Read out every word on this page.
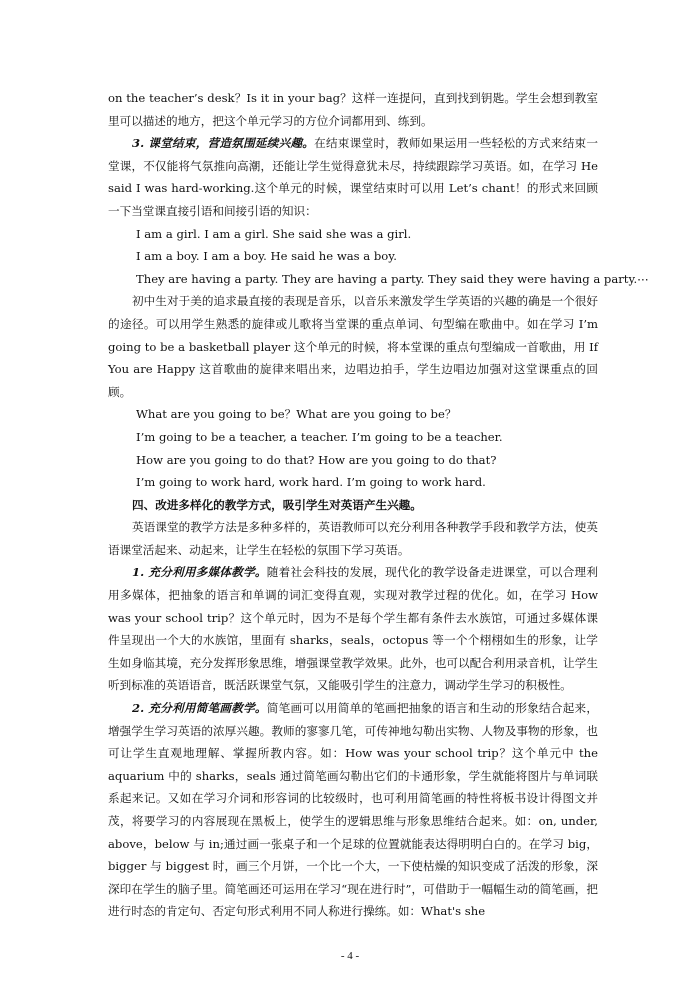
on the teacher’s desk？Is it in your bag？这样一连提问，直到找到钥匙。学生会想到教室里可以描述的地方，把这个单元学习的方位介词都用到、练到。

3. 课堂结束，营造氛围延续兴趣。在结束课堂时，教师如果运用一些轻松的方式来结束一堂课，不仅能将气氛推向高潮，还能让学生觉得意犹未尽，持续跟踪学习英语。如，在学习 He said I was hard-working.这个单元的时候，课堂结束时可以用 Let’s chant！的形式来回顾一下当堂课直接引语和间接引语的知识：

I am a girl. I am a girl. She said she was a girl.

I am a boy. I am a boy. He said he was a boy.

They are having a party. They are having a party. They said they were having a party.⋯

初中生对于美的追求最直接的表现是音乐，以音乐来激发学生学英语的兴趣的确是一个很好的途径。可以用学生熟悉的旋律或儿歌将当堂课的重点单词、句型编在歌曲中。如在学习 I’m going to be a basketball player 这个单元的时候，将本堂课的重点句型编成一首歌曲，用 If You are Happy 这首歌曲的旋律来唱出来，边唱边拍手，学生边唱边加强对这堂课重点的回顾。

What are you going to be？What are you going to be？

I’m going to be a teacher, a teacher. I’m going to be a teacher.

How are you going to do that? How are you going to do that?

I’m going to work hard, work hard. I’m going to work hard.

四、改进多样化的教学方式，吸引学生对英语产生兴趣。

英语课堂的教学方法是多种多样的，英语教师可以充分利用各种教学手段和教学方法，使英语课堂活起来、动起来，让学生在轻松的氛围下学习英语。

1. 充分利用多媒体教学。随着社会科技的发展，现代化的教学设备走进课堂，可以合理利用多媒体，把抽象的语言和单调的词汇变得直观，实现对教学过程的优化。如，在学习 How was your school trip？这个单元时，因为不是每个学生都有条件去水族馆，可通过多媒体课件呈现出一个大的水族馆，里面有 sharks，seals，octopus 等一个个栩栩如生的形象，让学生如身临其境，充分发挥形象思维，增强课堂教学效果。此外，也可以配合利用录音机，让学生听到标准的英语语音，既活跃课堂气氛，又能吸引学生的注意力，调动学生学习的积极性。

2. 充分利用简笔画教学。简笔画可以用简单的笔画把抽象的语言和生动的形象结合起来，增强学生学习英语的浓厚兴趣。教师的寥寥几笔，可传神地勾勒出实物、人物及事物的形象，也可让学生直观地理解、掌握所教内容。如：How was your school trip？这个单元中 the aquarium 中的 sharks，seals 通过简笔画勾勒出它们的卡通形象，学生就能将图片与单词联系起来记。又如在学习介词和形容词的比较级时，也可利用简笔画的特性将板书设计得图文并茂，将要学习的内容展现在黑板上，使学生的逻辑思维与形象思维结合起来。如：on, under, above，below 与 in;通过画一张桌子和一个足球的位置就能表达得明明白白的。在学习 big， bigger 与 biggest 时，画三个月饼，一个比一个大，一下使枯燥的知识变成了活泼的形象，深深印在学生的脑子里。简笔画还可运用在学习“现在进行时”，可借助于一幅幅生动的简笔画，把进行时态的肯定句、否定句形式利用不同人称进行操练。如：What's she

- 4 -
